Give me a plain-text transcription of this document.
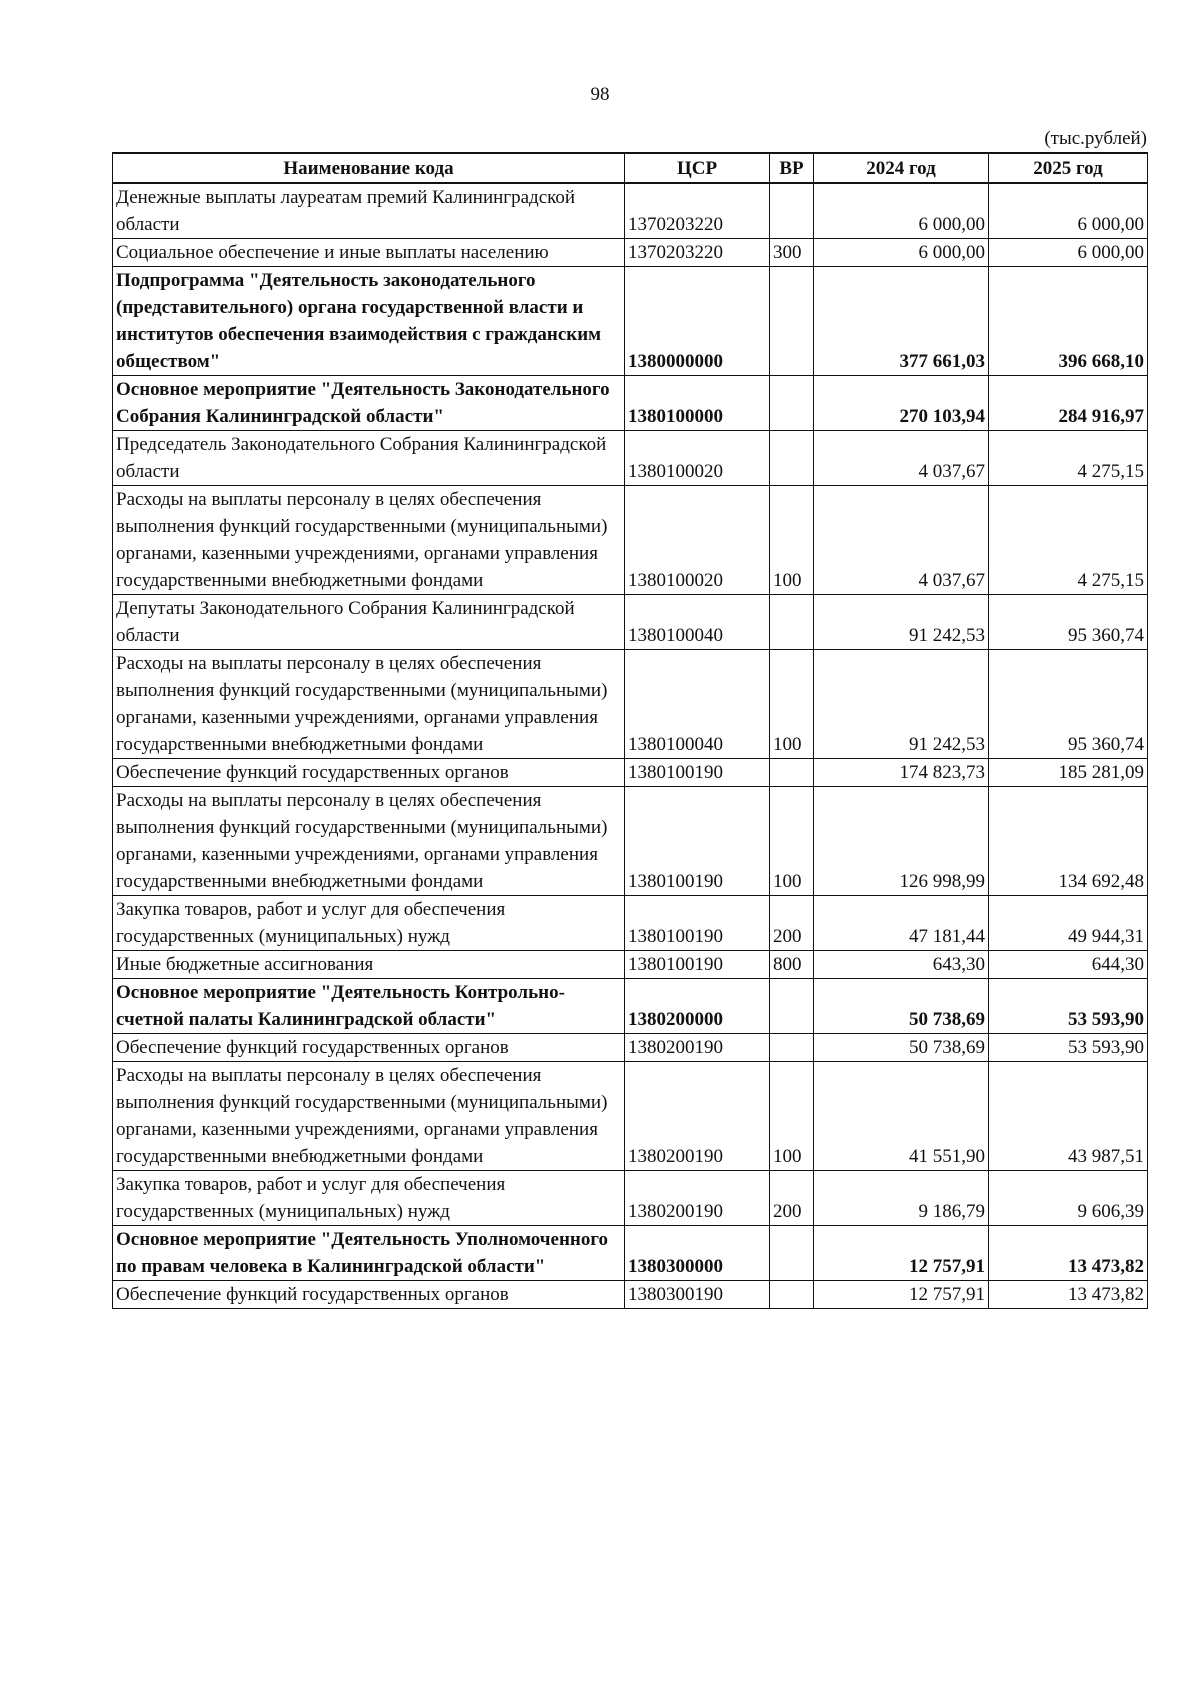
98
(тыс.рублей)
Наименование кода	ЦСР	ВР	2024 год	2025 год
Денежные выплаты лауреатам премий Калининградской области	1370203220		6 000,00	6 000,00
Социальное обеспечение и иные выплаты населению	1370203220	300	6 000,00	6 000,00
Подпрограмма "Деятельность законодательного (представительного) органа государственной власти и институтов обеспечения взаимодействия с гражданским обществом"	1380000000		377 661,03	396 668,10
Основное мероприятие "Деятельность Законодательного Собрания Калининградской области"	1380100000		270 103,94	284 916,97
Председатель Законодательного Собрания Калининградской области	1380100020		4 037,67	4 275,15
Расходы на выплаты персоналу в целях обеспечения выполнения функций государственными (муниципальными) органами, казенными учреждениями, органами управления государственными внебюджетными фондами	1380100020	100	4 037,67	4 275,15
Депутаты Законодательного Собрания Калининградской области	1380100040		91 242,53	95 360,74
Расходы на выплаты персоналу в целях обеспечения выполнения функций государственными (муниципальными) органами, казенными учреждениями, органами управления государственными внебюджетными фондами	1380100040	100	91 242,53	95 360,74
Обеспечение функций государственных органов	1380100190		174 823,73	185 281,09
Расходы на выплаты персоналу в целях обеспечения выполнения функций государственными (муниципальными) органами, казенными учреждениями, органами управления государственными внебюджетными фондами	1380100190	100	126 998,99	134 692,48
Закупка товаров, работ и услуг для обеспечения государственных (муниципальных) нужд	1380100190	200	47 181,44	49 944,31
Иные бюджетные ассигнования	1380100190	800	643,30	644,30
Основное мероприятие "Деятельность Контрольно-счетной палаты Калининградской области"	1380200000		50 738,69	53 593,90
Обеспечение функций государственных органов	1380200190		50 738,69	53 593,90
Расходы на выплаты персоналу в целях обеспечения выполнения функций государственными (муниципальными) органами, казенными учреждениями, органами управления государственными внебюджетными фондами	1380200190	100	41 551,90	43 987,51
Закупка товаров, работ и услуг для обеспечения государственных (муниципальных) нужд	1380200190	200	9 186,79	9 606,39
Основное мероприятие "Деятельность Уполномоченного по правам человека в Калининградской области"	1380300000		12 757,91	13 473,82
Обеспечение функций государственных органов	1380300190		12 757,91	13 473,82
